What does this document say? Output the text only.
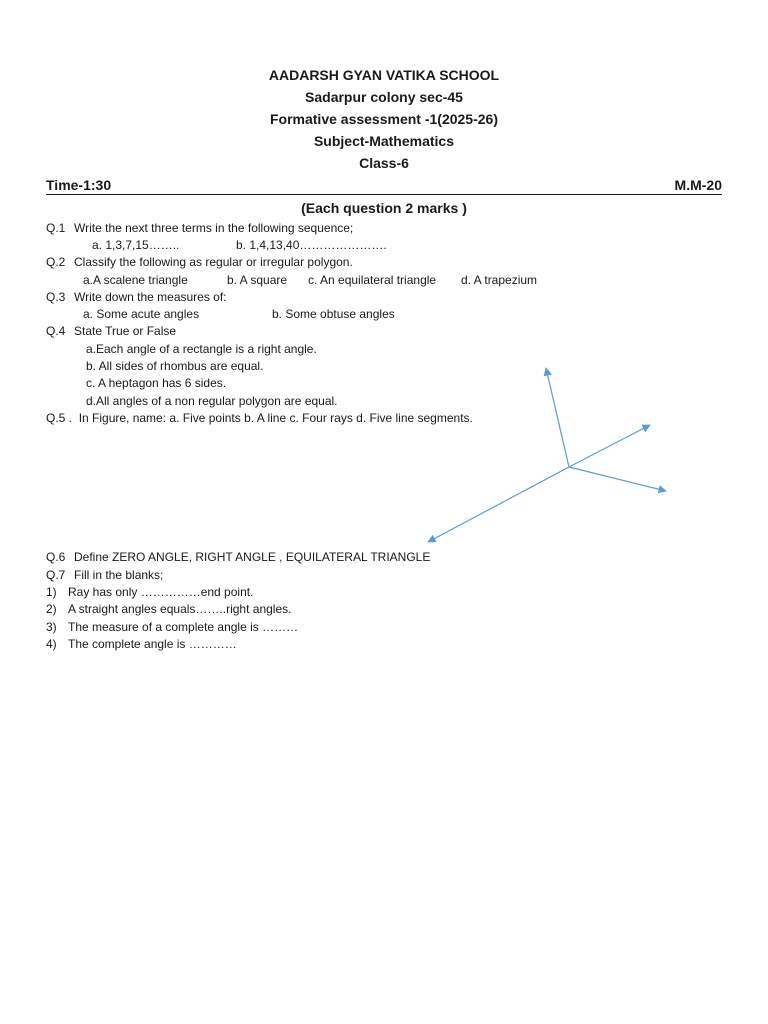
AADARSH GYAN VATIKA SCHOOL
Sadarpur colony sec-45
Formative assessment -1(2025-26)
Subject-Mathematics
Class-6
Time-1:30	M.M-20
(Each question 2 marks )
Q.1 Write the next three terms in the following sequence;
a. 1,3,7,15……..	b. 1,4,13,40………………….
Q.2 Classify the following as regular or irregular polygon.
a.A scalene triangle	b. A square c. An equilateral triangle d. A trapezium
Q.3 Write down the measures of:
a. Some acute angles	b. Some obtuse angles
Q.4 State True or False
a.Each angle of a rectangle is a right angle.
b. All sides of rhombus are equal.
c. A heptagon has 6 sides.
d.All angles of a non regular polygon are equal.
Q.5 . In Figure, name: a. Five points b. A line c. Four rays d. Five line segments.
Q.6 Define ZERO ANGLE, RIGHT ANGLE , EQUILATERAL TRIANGLE
Q.7 Fill in the blanks;
1) Ray has only ……………end point.
2) A straight angles equals……..right angles.
3) The measure of a complete angle is ………
4) The complete angle is …………
